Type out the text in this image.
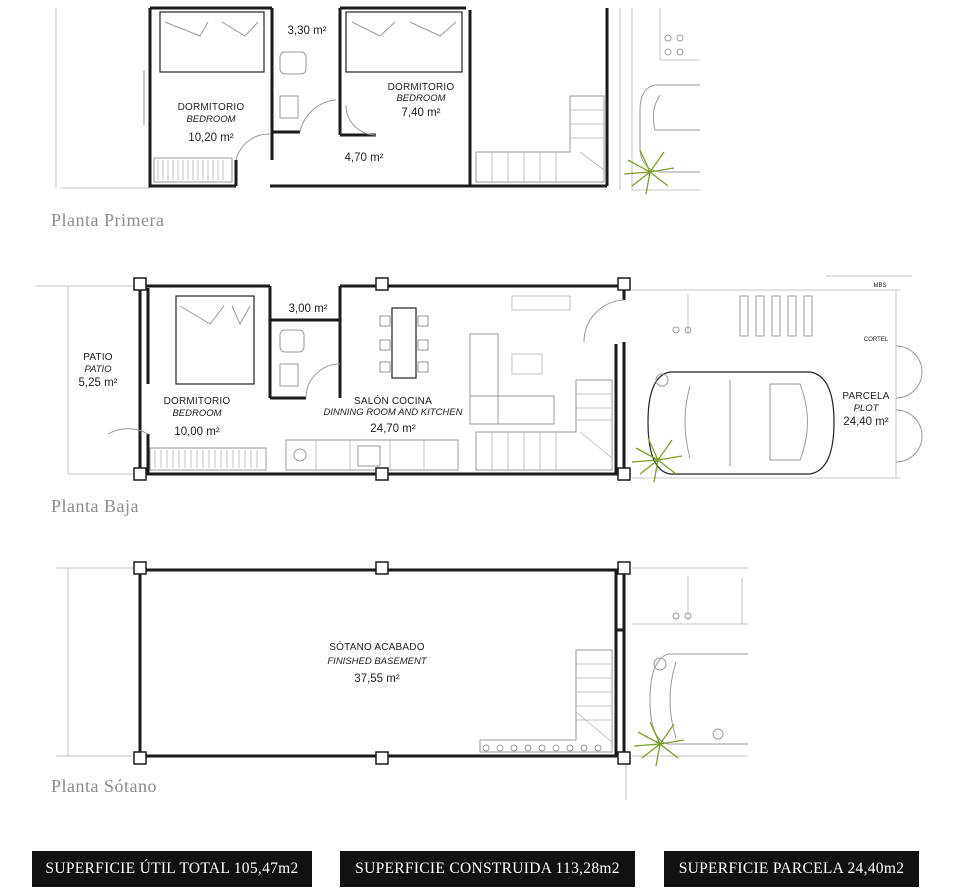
3,30 m²
DORMITORIO
BEDROOM
10,20 m²
DORMITORIO
BEDROOM
7,40 m²
4,70 m²
MBS
CORTEL
PATIO
PATIO
5,25 m²
3,00 m²
DORMITORIO
BEDROOM
10,00 m²
SALÓN COCINA
DINNING ROOM AND KITCHEN
24,70 m²
PARCELA
PLOT
24,40 m²
SÓTANO ACABADO
FINISHED BASEMENT
37,55 m²
Planta Primera
Planta Baja
Planta Sótano
SUPERFICIE ÚTIL TOTAL 105,47m2	SUPERFICIE CONSTRUIDA 113,28m2	SUPERFICIE PARCELA 24,40m2
